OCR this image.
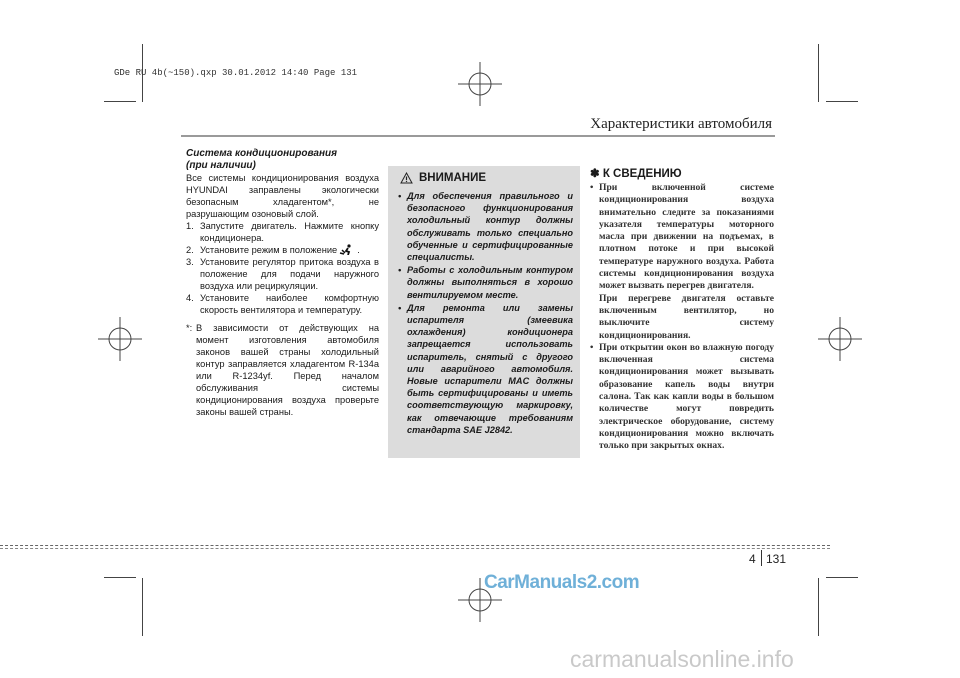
GDe RU 4b(~150).qxp 30.01.2012 14:40 Page 131
Характеристики автомобиля
Система кондиционирования
(при наличии)

Все системы кондиционирования воздуха HYUNDAI заправлены экологически безопасным хладагентом*, не разрушающим озоновый слой.

1. Запустите двигатель. Нажмите кнопку кондиционера.
2. Установите режим в положение .
3. Установите регулятор притока воздуха в положение для подачи наружного воздуха или рециркуляции.
4. Установите наиболее комфортную скорость вентилятора и температуру.
*: В зависимости от действующих на момент изготовления автомобиля законов вашей страны холодильный контур заправляется хладагентом R-134a или R-1234yf. Перед началом обслуживания системы кондиционирования воздуха проверьте законы вашей страны.
ВНИМАНИЕ
• Для обеспечения правильного и безопасного функционирования холодильный контур должны обслуживать только специально обученные и сертифицированные специалисты.
• Работы с холодильным контуром должны выполняться в хорошо вентилируемом месте.
• Для ремонта или замены испарителя (змеевика охлаждения) кондиционера запрещается использовать испаритель, снятый с другого или аварийного автомобиля. Новые испарители MAC должны быть сертифицированы и иметь соответствующую маркировку, как отвечающие требованиям стандарта SAE J2842.
✽ К СВЕДЕНИЮ
• При включенной системе кондиционирования воздуха внимательно следите за показаниями указателя температуры моторного масла при движении на подъемах, в плотном потоке и при высокой температуре наружного воздуха. Работа системы кондиционирования воздуха может вызвать перегрев двигателя.

При перегреве двигателя оставьте включенным вентилятор, но выключите систему кондиционирования.

• При открытии окон во влажную погоду включенная система кондиционирования может вызывать образование капель воды внутри салона. Так как капли воды в большом количестве могут повредить электрическое оборудование, систему кондиционирования можно включать только при закрытых окнах.

4 131
CarManuals2.com
carmanualsonline.info
